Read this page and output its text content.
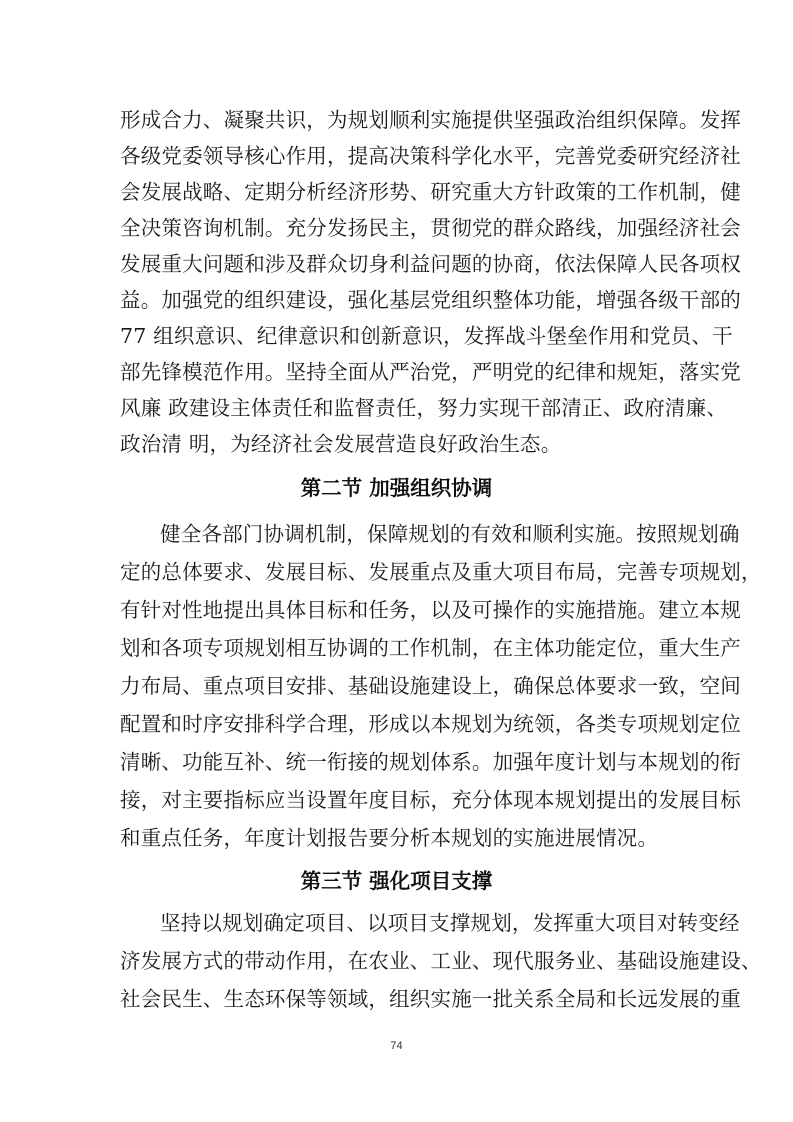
形成合力、凝聚共识，为规划顺利实施提供坚强政治组织保障。发挥
各级党委领导核心作用，提高决策科学化水平，完善党委研究经济社
会发展战略、定期分析经济形势、研究重大方针政策的工作机制，健
全决策咨询机制。充分发扬民主，贯彻党的群众路线，加强经济社会
发展重大问题和涉及群众切身利益问题的协商，依法保障人民各项权
益。加强党的组织建设，强化基层党组织整体功能，增强各级干部的
77 组织意识、纪律意识和创新意识，发挥战斗堡垒作用和党员、干
部先锋模范作用。坚持全面从严治党，严明党的纪律和规矩，落实党
风廉 政建设主体责任和监督责任，努力实现干部清正、政府清廉、
政治清 明，为经济社会发展营造良好政治生态。
第二节 加强组织协调
健全各部门协调机制，保障规划的有效和顺利实施。按照规划确
定的总体要求、发展目标、发展重点及重大项目布局，完善专项规划，
有针对性地提出具体目标和任务，以及可操作的实施措施。建立本规
划和各项专项规划相互协调的工作机制，在主体功能定位，重大生产
力布局、重点项目安排、基础设施建设上，确保总体要求一致，空间
配置和时序安排科学合理，形成以本规划为统领，各类专项规划定位
清晰、功能互补、统一衔接的规划体系。加强年度计划与本规划的衔
接，对主要指标应当设置年度目标，充分体现本规划提出的发展目标
和重点任务，年度计划报告要分析本规划的实施进展情况。
第三节 强化项目支撑
坚持以规划确定项目、以项目支撑规划，发挥重大项目对转变经
济发展方式的带动作用，在农业、工业、现代服务业、基础设施建设、
社会民生、生态环保等领域，组织实施一批关系全局和长远发展的重
74
